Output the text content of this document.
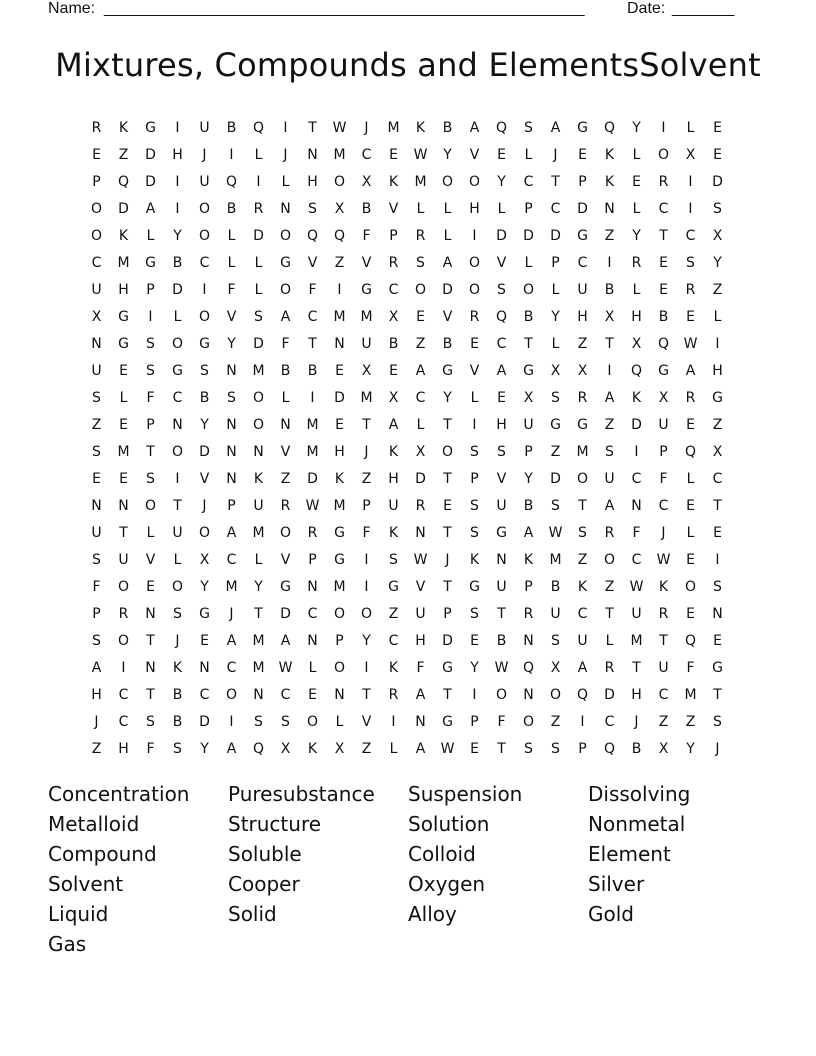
Name: ______________________________________________________	Date: _______
Mixtures, Compounds and ElementsSolvent
R	K	G	I	U	B	Q	I	T	W	J	M	K	B	A	Q	S	A	G	Q	Y	I	L	E
E	Z	D	H	J	I	L	J	N	M	C	E	W	Y	V	E	L	J	E	K	L	O	X	E
P	Q	D	I	U	Q	I	L	H	O	X	K	M	O	O	Y	C	T	P	K	E	R	I	D
O	D	A	I	O	B	R	N	S	X	B	V	L	L	H	L	P	C	D	N	L	C	I	S
O	K	L	Y	O	L	D	O	Q	Q	F	P	R	L	I	D	D	D	G	Z	Y	T	C	X
C	M	G	B	C	L	L	G	V	Z	V	R	S	A	O	V	L	P	C	I	R	E	S	Y
U	H	P	D	I	F	L	O	F	I	G	C	O	D	O	S	O	L	U	B	L	E	R	Z
X	G	I	L	O	V	S	A	C	M	M	X	E	V	R	Q	B	Y	H	X	H	B	E	L
N	G	S	O	G	Y	D	F	T	N	U	B	Z	B	E	C	T	L	Z	T	X	Q	W	I
U	E	S	G	S	N	M	B	B	E	X	E	A	G	V	A	G	X	X	I	Q	G	A	H
S	L	F	C	B	S	O	L	I	D	M	X	C	Y	L	E	X	S	R	A	K	X	R	G
Z	E	P	N	Y	N	O	N	M	E	T	A	L	T	I	H	U	G	G	Z	D	U	E	Z
S	M	T	O	D	N	N	V	M	H	J	K	X	O	S	S	P	Z	M	S	I	P	Q	X
E	E	S	I	V	N	K	Z	D	K	Z	H	D	T	P	V	Y	D	O	U	C	F	L	C
N	N	O	T	J	P	U	R	W	M	P	U	R	E	S	U	B	S	T	A	N	C	E	T
U	T	L	U	O	A	M	O	R	G	F	K	N	T	S	G	A	W	S	R	F	J	L	E
S	U	V	L	X	C	L	V	P	G	I	S	W	J	K	N	K	M	Z	O	C	W	E	I
F	O	E	O	Y	M	Y	G	N	M	I	G	V	T	G	U	P	B	K	Z	W	K	O	S
P	R	N	S	G	J	T	D	C	O	O	Z	U	P	S	T	R	U	C	T	U	R	E	N
S	O	T	J	E	A	M	A	N	P	Y	C	H	D	E	B	N	S	U	L	M	T	Q	E
A	I	N	K	N	C	M	W	L	O	I	K	F	G	Y	W	Q	X	A	R	T	U	F	G
H	C	T	B	C	O	N	C	E	N	T	R	A	T	I	O	N	O	Q	D	H	C	M	T
J	C	S	B	D	I	S	S	O	L	V	I	N	G	P	F	O	Z	I	C	J	Z	Z	S
Z	H	F	S	Y	A	Q	X	K	X	Z	L	A	W	E	T	S	S	P	Q	B	X	Y	J
Concentration	Puresubstance	Suspension	Dissolving
Metalloid	Structure	Solution	Nonmetal
Compound	Soluble	Colloid	Element
Solvent	Cooper	Oxygen	Silver
Liquid	Solid	Alloy	Gold
Gas
